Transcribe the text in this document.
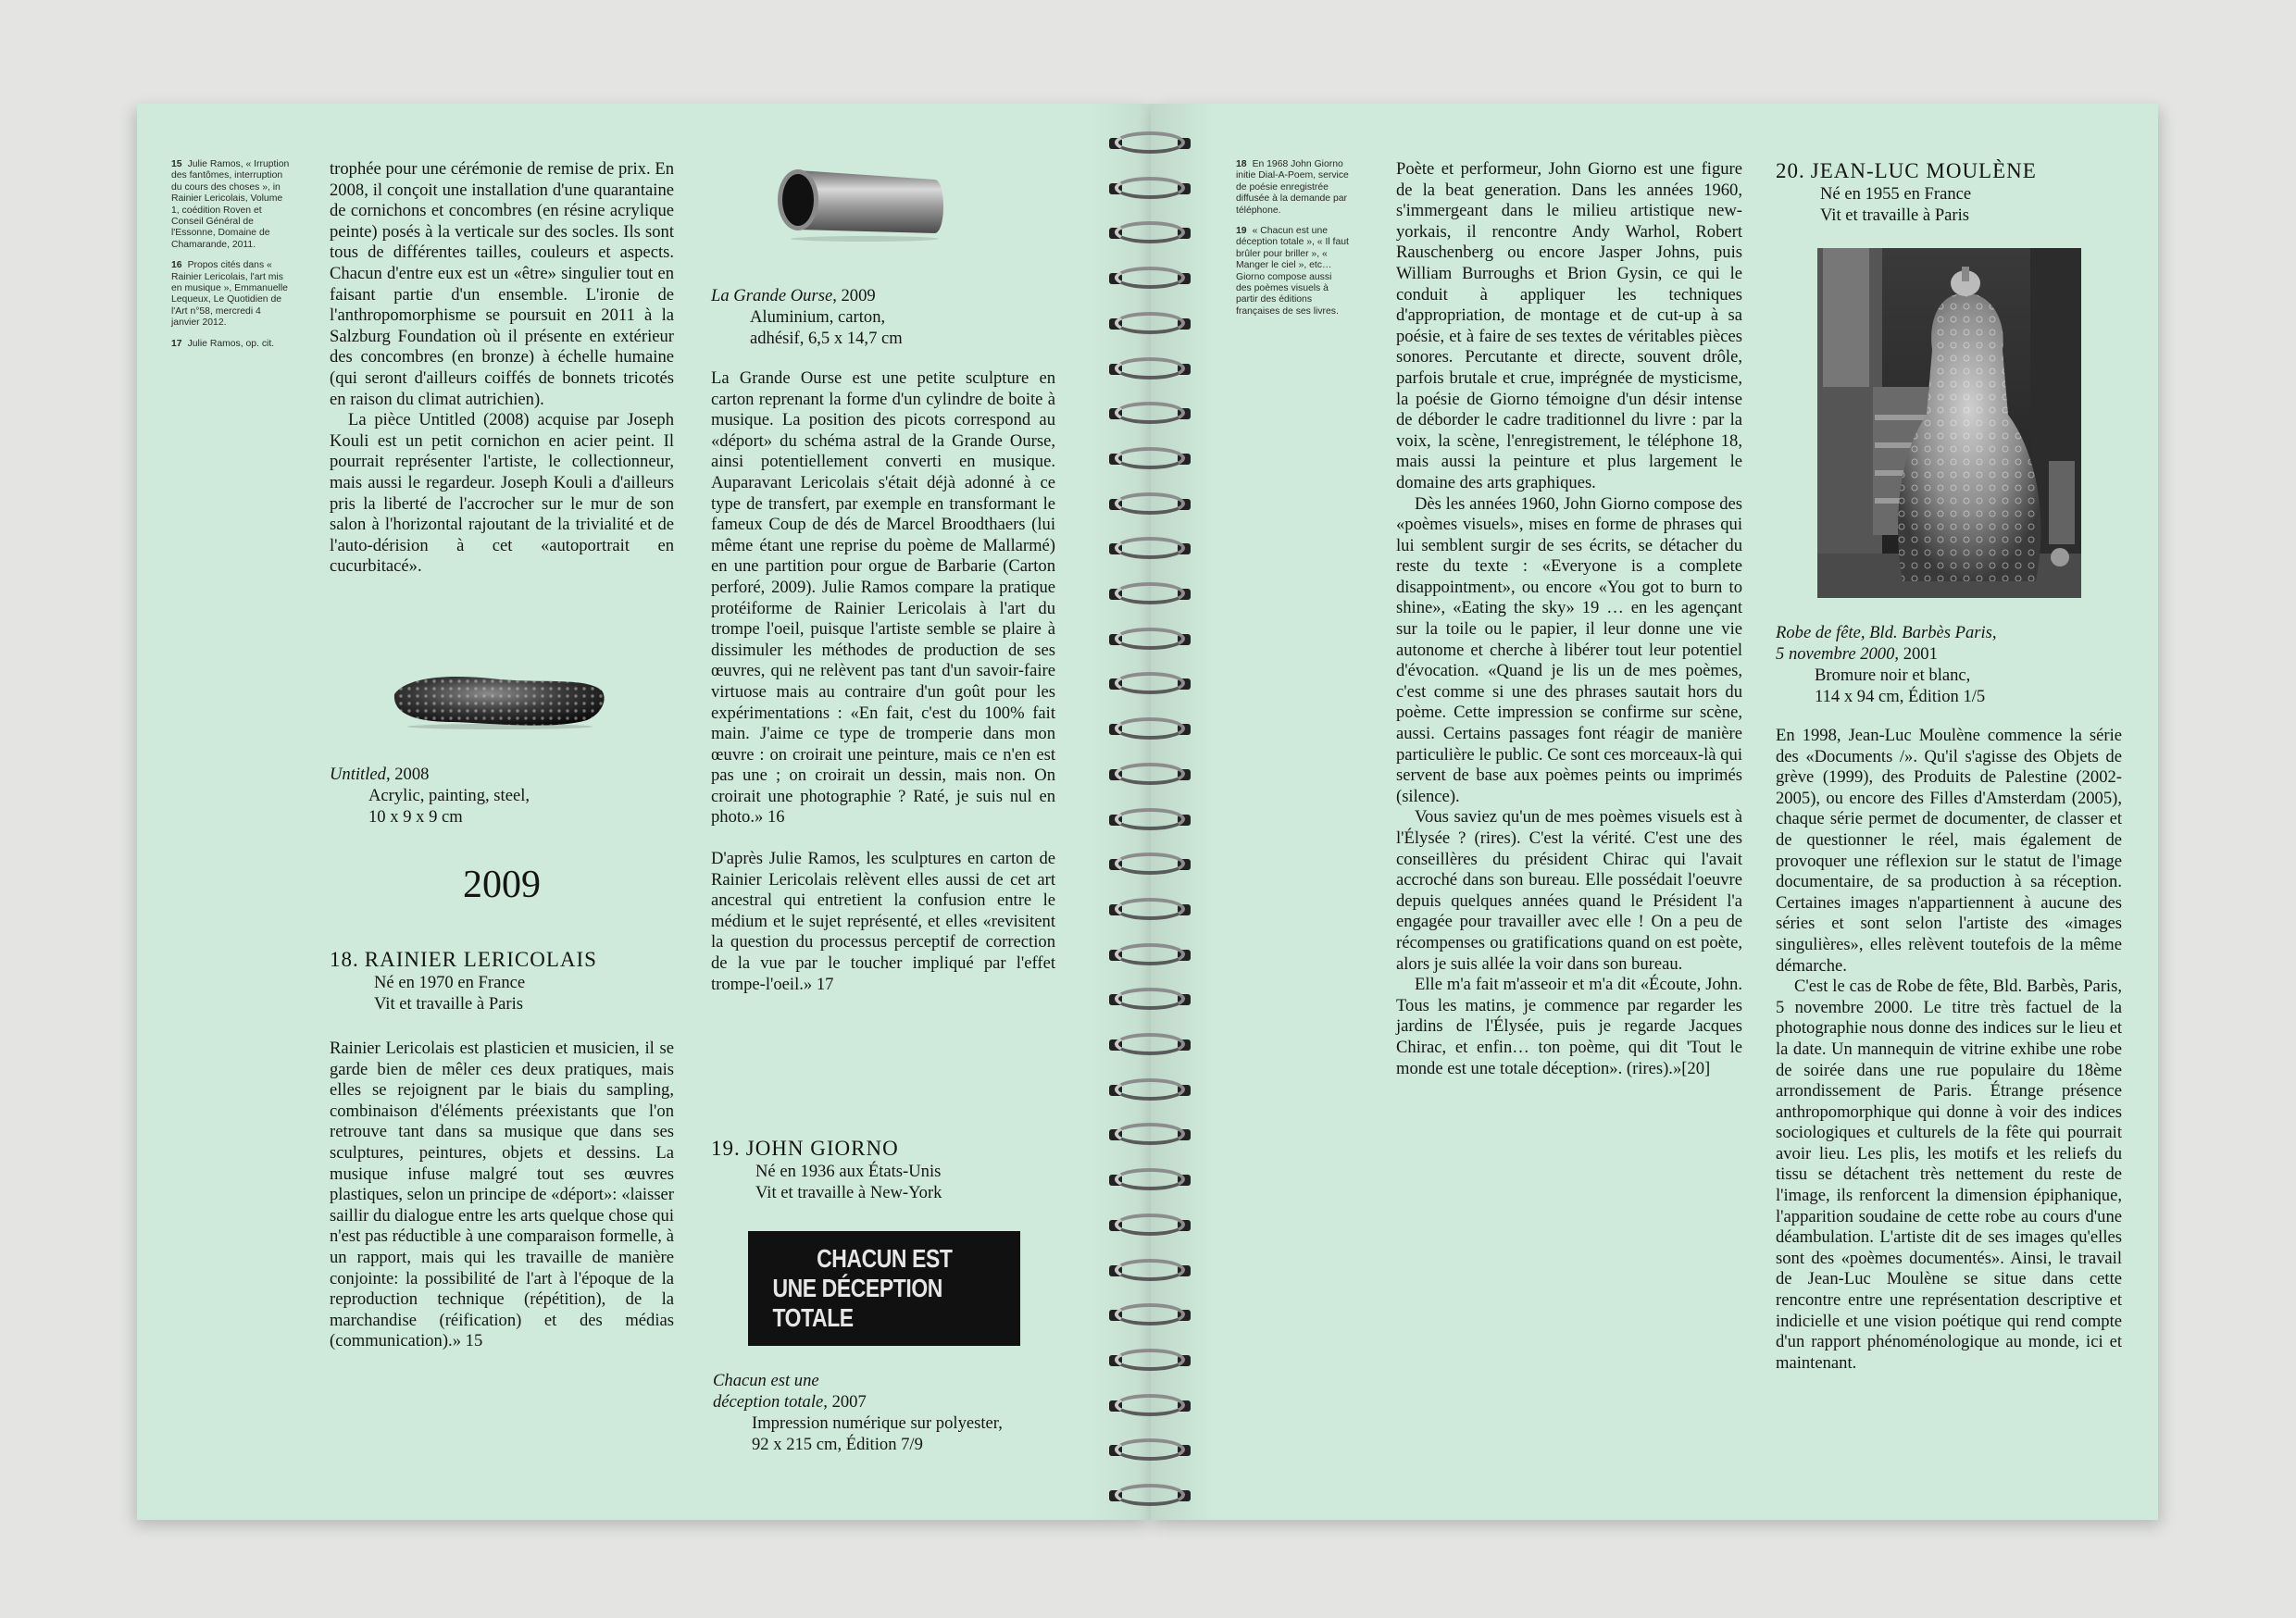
15 Julie Ramos, « Irruption des fantômes, interruption du cours des choses », in Rainier Lericolais, Volume 1, coédition Roven et Conseil Général de l'Essonne, Domaine de Chamarande, 2011.
16 Propos cités dans « Rainier Lericolais, l'art mis en musique », Emmanuelle Lequeux, Le Quotidien de l'Art n°58, mercredi 4 janvier 2012.
17 Julie Ramos, op. cit.

trophée pour une cérémonie de remise de prix. En 2008, il conçoit une installation d'une quarantaine de cornichons et concombres (en résine acrylique peinte) posés à la verticale sur des socles. Ils sont tous de différentes tailles, couleurs et aspects. Chacun d'entre eux est un «être» singulier tout en faisant partie d'un ensemble. L'ironie de l'anthropomorphisme se poursuit en 2011 à la Salzburg Foundation où il présente en extérieur des concombres (en bronze) à échelle humaine (qui seront d'ailleurs coiffés de bonnets tricotés en raison du climat autrichien).

La pièce Untitled (2008) acquise par Joseph Kouli est un petit cornichon en acier peint. Il pourrait représenter l'artiste, le collectionneur, mais aussi le regardeur. Joseph Kouli a d'ailleurs pris la liberté de l'accrocher sur le mur de son salon à l'horizontal rajoutant de la trivialité et de l'auto-dérision à cet «autoportrait en cucurbitacé».

Untitled, 2008
Acrylic, painting, steel,
10 x 9 x 9 cm
2009
18. RAINIER LERICOLAIS
Né en 1970 en France
Vit et travaille à Paris

Rainier Lericolais est plasticien et musicien, il se garde bien de mêler ces deux pratiques, mais elles se rejoignent par le biais du sampling, combinaison d'éléments préexistants que l'on retrouve tant dans sa musique que dans ses sculptures, peintures, objets et dessins. La musique infuse malgré tout ses œuvres plastiques, selon un principe de «déport»: «laisser saillir du dialogue entre les arts quelque chose qui n'est pas réductible à une comparaison formelle, à un rapport, mais qui les travaille de manière conjointe: la possibilité de l'art à l'époque de la reproduction technique (répétition), de la marchandise (réification) et des médias (communication).» 15

La Grande Ourse, 2009
Aluminium, carton,
adhésif, 6,5 x 14,7 cm

La Grande Ourse est une petite sculpture en carton reprenant la forme d'un cylindre de boite à musique. La position des picots correspond au «déport» du schéma astral de la Grande Ourse, ainsi potentiellement converti en musique. Auparavant Lericolais s'était déjà adonné à ce type de transfert, par exemple en transformant le fameux Coup de dés de Marcel Broodthaers (lui même étant une reprise du poème de Mallarmé) en une partition pour orgue de Barbarie (Carton perforé, 2009). Julie Ramos compare la pratique protéiforme de Rainier Lericolais à l'art du trompe l'oeil, puisque l'artiste semble se plaire à dissimuler les méthodes de production de ses œuvres, qui ne relèvent pas tant d'un savoir-faire virtuose mais au contraire d'un goût pour les expérimentations : «En fait, c'est du 100% fait main. J'aime ce type de tromperie dans mon œuvre : on croirait une peinture, mais ce n'en est pas une ; on croirait un dessin, mais non. On croirait une photographie ? Raté, je suis nul en photo.» 16

D'après Julie Ramos, les sculptures en carton de Rainier Lericolais relèvent elles aussi de cet art ancestral qui entretient la confusion entre le médium et le sujet représenté, et elles «revisitent la question du processus perceptif de correction de la vue par le toucher impliqué par l'effet trompe-l'oeil.» 17

19. JOHN GIORNO
Né en 1936 aux États-Unis
Vit et travaille à New-York
CHACUN EST
UNE DÉCEPTION TOTALE
Chacun est une
déception totale, 2007
Impression numérique sur polyester,
92 x 215 cm, Édition 7/9
18 En 1968 John Giorno initie Dial-A-Poem, service de poésie enregistrée diffusée à la demande par téléphone.
19 « Chacun est une déception totale », « Il faut brûler pour briller », « Manger le ciel », etc… Giorno compose aussi des poèmes visuels à partir des éditions françaises de ses livres.

Poète et performeur, John Giorno est une figure de la beat generation. Dans les années 1960, s'immergeant dans le milieu artistique new-yorkais, il rencontre Andy Warhol, Robert Rauschenberg ou encore Jasper Johns, puis William Burroughs et Brion Gysin, ce qui le conduit à appliquer les techniques d'appropriation, de montage et de cut-up à sa poésie, et à faire de ses textes de véritables pièces sonores. Percutante et directe, souvent drôle, parfois brutale et crue, imprégnée de mysticisme, la poésie de Giorno témoigne d'un désir intense de déborder le cadre traditionnel du livre : par la voix, la scène, l'enregistrement, le téléphone 18, mais aussi la peinture et plus largement le domaine des arts graphiques.

Dès les années 1960, John Giorno compose des «poèmes visuels», mises en forme de phrases qui lui semblent surgir de ses écrits, se détacher du reste du texte : «Everyone is a complete disappointment», ou encore «You got to burn to shine», «Eating the sky» 19 … en les agençant sur la toile ou le papier, il leur donne une vie autonome et cherche à libérer tout leur potentiel d'évocation. «Quand je lis un de mes poèmes, c'est comme si une des phrases sautait hors du poème. Cette impression se confirme sur scène, aussi. Certains passages font réagir de manière particulière le public. Ce sont ces morceaux-là qui servent de base aux poèmes peints ou imprimés (silence).

Vous saviez qu'un de mes poèmes visuels est à l'Élysée ? (rires). C'est la vérité. C'est une des conseillères du président Chirac qui l'avait accroché dans son bureau. Elle possédait l'oeuvre depuis quelques années quand le Président l'a engagée pour travailler avec elle ! On a peu de récompenses ou gratifications quand on est poète, alors je suis allée la voir dans son bureau.

Elle m'a fait m'asseoir et m'a dit «Écoute, John. Tous les matins, je commence par regarder les jardins de l'Élysée, puis je regarde Jacques Chirac, et enfin… ton poème, qui dit 'Tout le monde est une totale déception». (rires).»[20]

20. JEAN-LUC MOULÈNE
Né en 1955 en France
Vit et travaille à Paris
Robe de fête, Bld. Barbès Paris,
5 novembre 2000, 2001
Bromure noir et blanc,
114 x 94 cm, Édition 1/5

En 1998, Jean-Luc Moulène commence la série des «Documents /». Qu'il s'agisse des Objets de grève (1999), des Produits de Palestine (2002-2005), ou encore des Filles d'Amsterdam (2005), chaque série permet de documenter, de classer et de questionner le réel, mais également de provoquer une réflexion sur le statut de l'image documentaire, de sa production à sa réception. Certaines images n'appartiennent à aucune des séries et sont selon l'artiste des «images singulières», elles relèvent toutefois de la même démarche.

C'est le cas de Robe de fête, Bld. Barbès, Paris, 5 novembre 2000. Le titre très factuel de la photographie nous donne des indices sur le lieu et la date. Un mannequin de vitrine exhibe une robe de soirée dans une rue populaire du 18ème arrondissement de Paris. Étrange présence anthropomorphique qui donne à voir des indices sociologiques et culturels de la fête qui pourrait avoir lieu. Les plis, les motifs et les reliefs du tissu se détachent très nettement du reste de l'image, ils renforcent la dimension épiphanique, l'apparition soudaine de cette robe au cours d'une déambulation. L'artiste dit de ses images qu'elles sont des «poèmes documentés». Ainsi, le travail de Jean-Luc Moulène se situe dans cette rencontre entre une représentation descriptive et indicielle et une vision poétique qui rend compte d'un rapport phénoménologique au monde, ici et maintenant.
